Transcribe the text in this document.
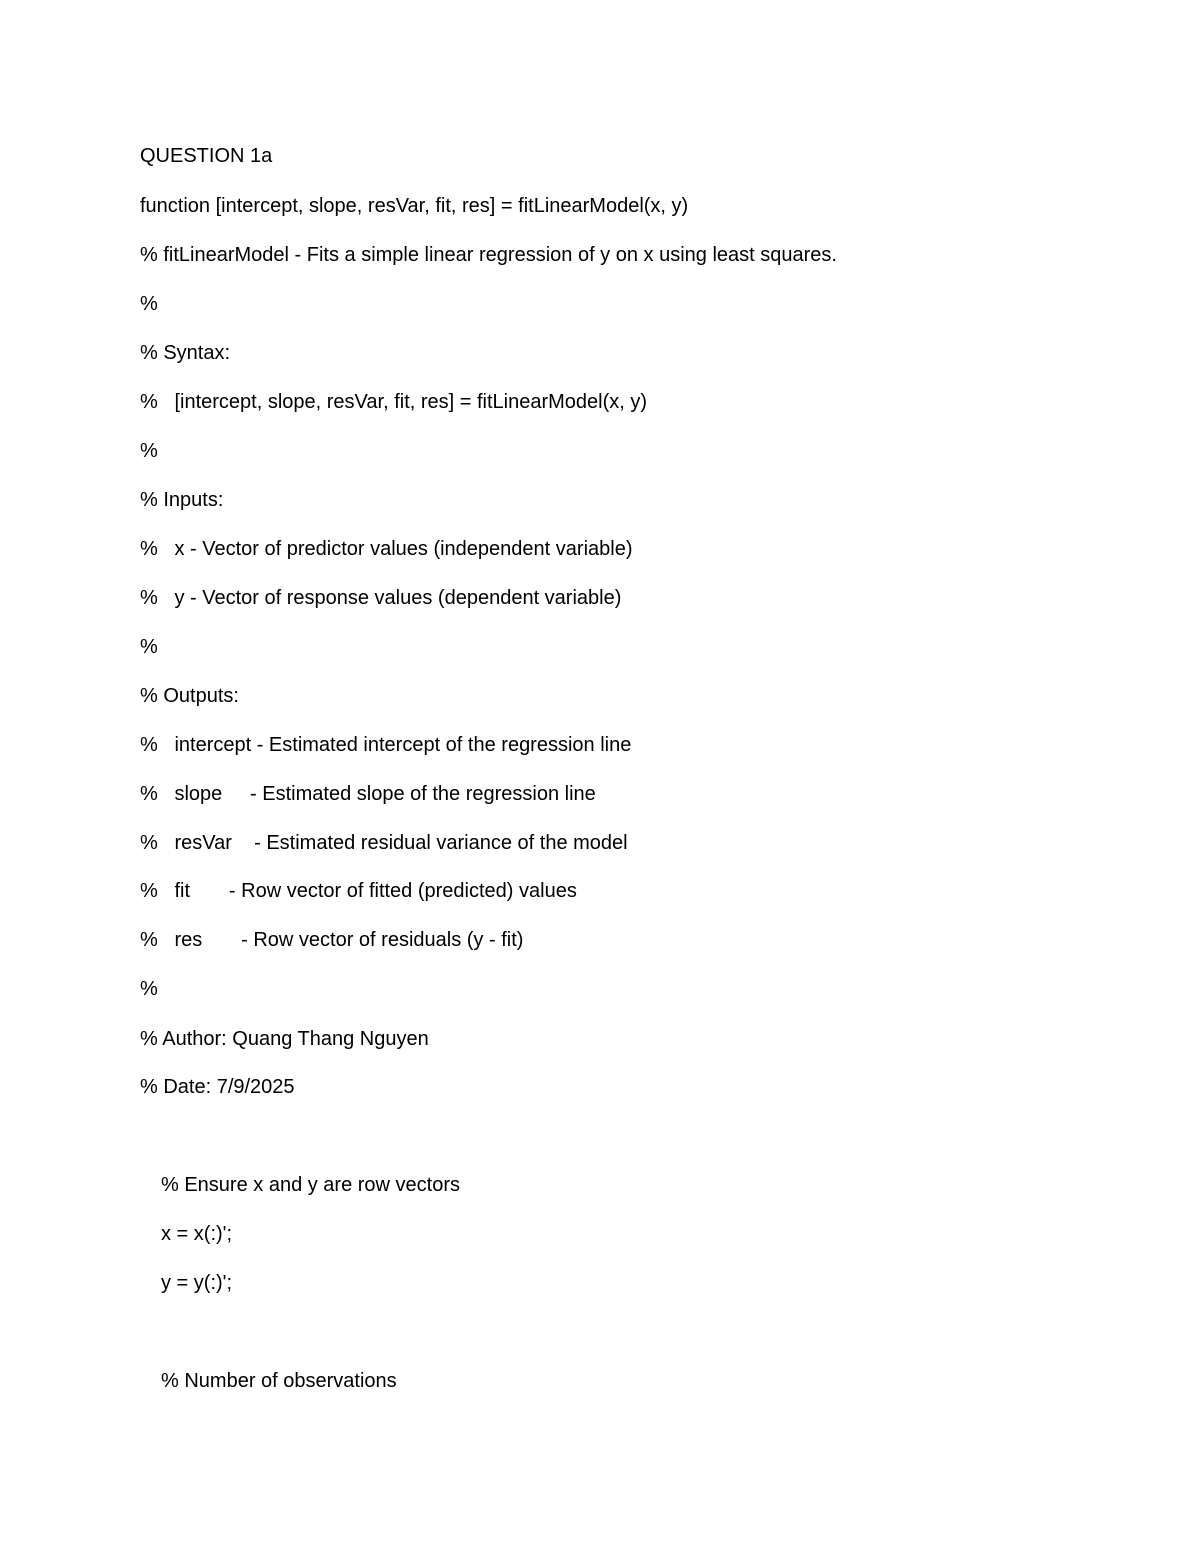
QUESTION 1a
function [intercept, slope, resVar, fit, res] = fitLinearModel(x, y)
% fitLinearModel - Fits a simple linear regression of y on x using least squares.
%
% Syntax:
%   [intercept, slope, resVar, fit, res] = fitLinearModel(x, y)
%
% Inputs:
%   x - Vector of predictor values (independent variable)
%   y - Vector of response values (dependent variable)
%
% Outputs:
%   intercept - Estimated intercept of the regression line
%   slope     - Estimated slope of the regression line
%   resVar    - Estimated residual variance of the model
%   fit       - Row vector of fitted (predicted) values
%   res       - Row vector of residuals (y - fit)
%
% Author: Quang Thang Nguyen
% Date: 7/9/2025
% Ensure x and y are row vectors
x = x(:)';
y = y(:)';
% Number of observations
